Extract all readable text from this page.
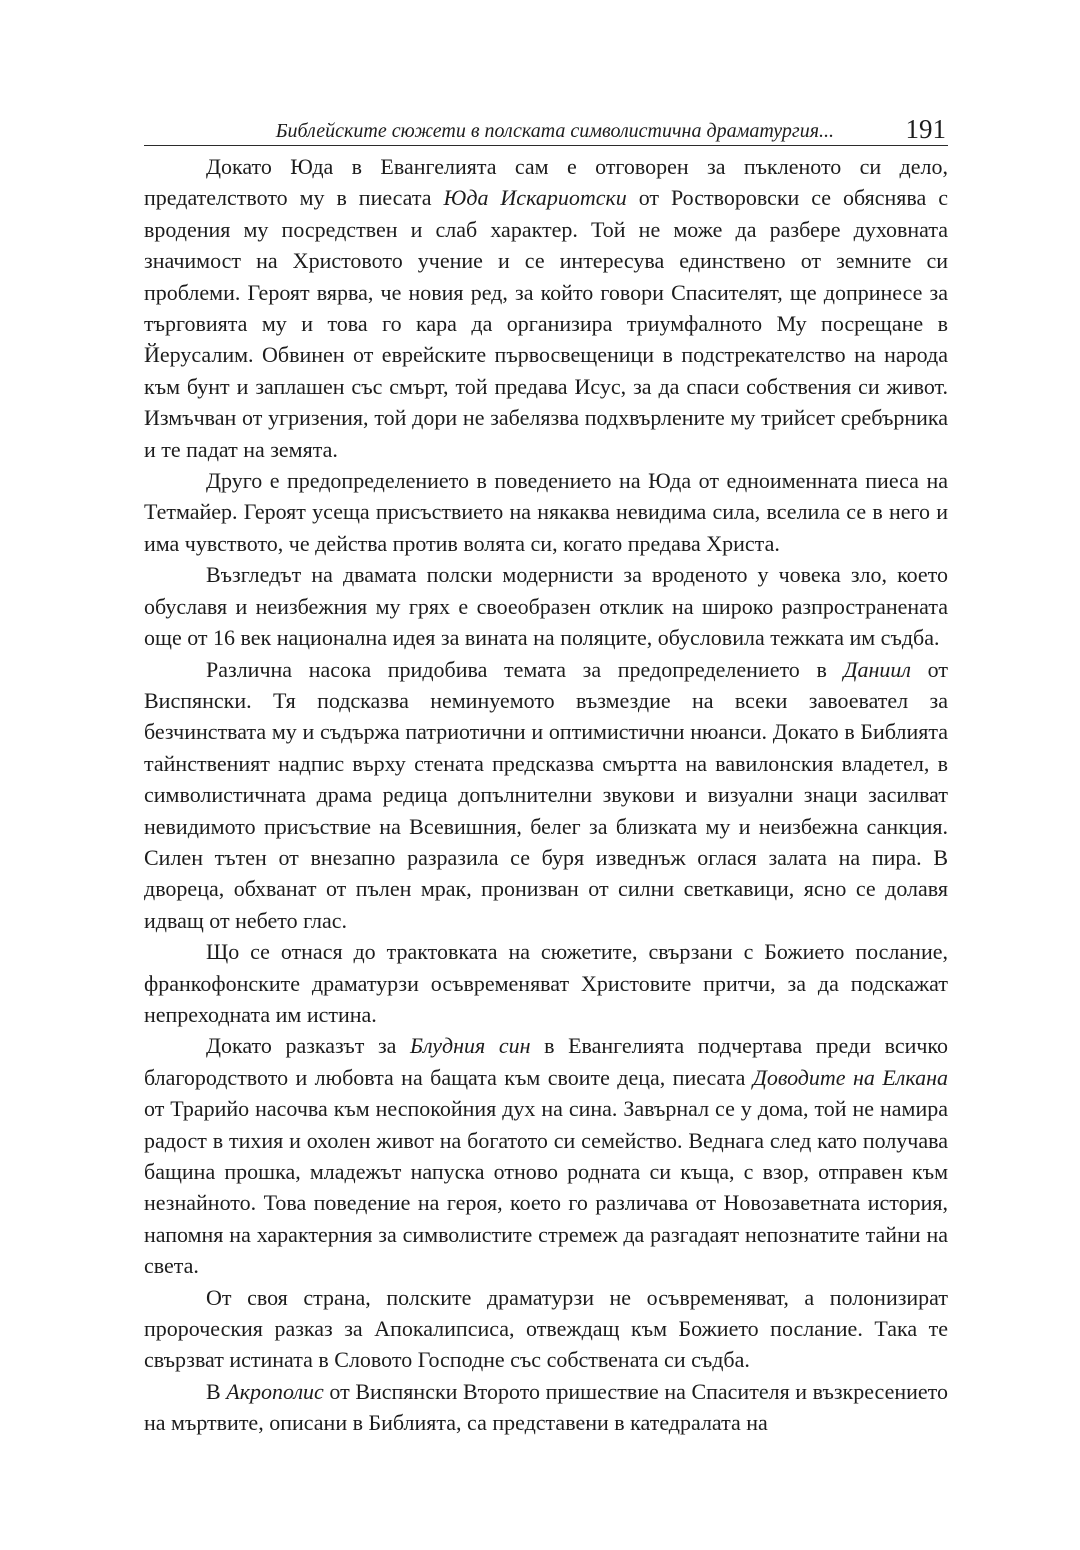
Библейските сюжети в полската символистична драматургия...	191

Докато Юда в Евангелията сам е отговорен за пъкленото си дело, предателството му в пиесата Юда Искариотски от Ростворовски се обяснява с вродения му посредствен и слаб характер. Той не може да разбере духовната значимост на Христовото учение и се интересува единствено от земните си проблеми. Героят вярва, че новия ред, за който говори Спасителят, ще допринесе за търговията му и това го кара да организира триумфалното Му посрещане в Йерусалим. Обвинен от еврейските първосвещеници в подстрекателство на народа към бунт и заплашен със смърт, той предава Исус, за да спаси собствения си живот. Измъчван от угризения, той дори не забелязва подхвърлените му трийсет сребърника и те падат на земята.

Друго е предопределението в поведението на Юда от едноименната пиеса на Тетмайер. Героят усеща присъствието на някаква невидима сила, вселила се в него и има чувството, че действа против волята си, когато предава Христа.

Възгледът на двамата полски модернисти за вроденото у човека зло, което обуславя и неизбежния му грях е своеобразен отклик на широко разпространената още от 16 век национална идея за вината на поляците, обусловила тежката им съдба.

Различна насока придобива темата за предопределението в Даниил от Виспянски. Тя подсказва неминуемото възмездие на всеки завоевател за безчинствата му и съдържа патриотични и оптимистични нюанси. Докато в Библията тайнственият надпис върху стената предсказва смъртта на вавилонския владетел, в символистичната драма редица допълнителни звукови и визуални знаци засилват невидимото присъствие на Всевишния, белег за близката му и неизбежна санкция. Силен тътен от внезапно разразила се буря изведнъж оглася залата на пира. В двореца, обхванат от пълен мрак, пронизван от силни светкавици, ясно се долавя идващ от небето глас.

Що се отнася до трактовката на сюжетите, свързани с Божието послание, франкофонските драматурзи осъвременяват Христовите притчи, за да подскажат непреходната им истина.

Докато разказът за Блудния син в Евангелията подчертава преди всичко благородството и любовта на бащата към своите деца, пиесата Доводите на Елкана от Трарийо насочва към неспокойния дух на сина. Завърнал се у дома, той не намира радост в тихия и охолен живот на богатото си семейство. Веднага след като получава бащина прошка, младежът напуска отново родната си къща, с взор, отправен към незнайното. Това поведение на героя, което го различава от Новозаветната история, напомня на характерния за символистите стремеж да разгадаят непознатите тайни на света.

От своя страна, полските драматурзи не осъвременяват, а полонизират пророческия разказ за Апокалипсиса, отвеждащ към Божието послание. Така те свързват истината в Словото Господне със собствената си съдба.

В Акрополис от Виспянски Второто пришествие на Спасителя и възкресението на мъртвите, описани в Библията, са представени в катедралата на
